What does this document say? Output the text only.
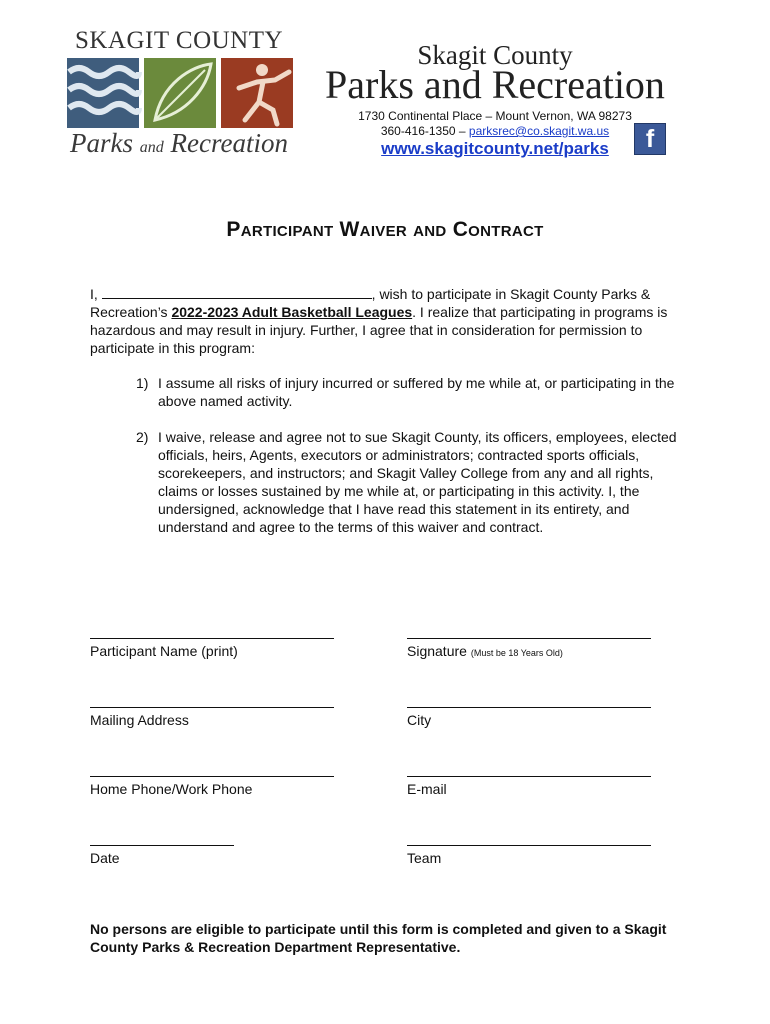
SKAGIT COUNTY
Parks and Recreation
Skagit County
Parks and Recreation
1730 Continental Place – Mount Vernon, WA 98273
360-416-1350 – parksrec@co.skagit.wa.us
www.skagitcounty.net/parks	f
Participant Waiver and Contract
I,	, wish to participate in Skagit County Parks & Recreation’s 2022-2023 Adult Basketball Leagues. I realize that participating in programs is hazardous and may result in injury. Further, I agree that in consideration for permission to participate in this program:
1) I assume all risks of injury incurred or suffered by me while at, or participating in the above named activity.
2) I waive, release and agree not to sue Skagit County, its officers, employees, elected officials, heirs, Agents, executors or administrators; contracted sports officials, scorekeepers, and instructors; and Skagit Valley College from any and all rights, claims or losses sustained by me while at, or participating in this activity. I, the undersigned, acknowledge that I have read this statement in its entirety, and understand and agree to the terms of this waiver and contract.
Participant Name (print)	Signature (Must be 18 Years Old)
Mailing Address	City
Home Phone/Work Phone	E-mail
Date	Team
No persons are eligible to participate until this form is completed and given to a Skagit County Parks & Recreation Department Representative.
